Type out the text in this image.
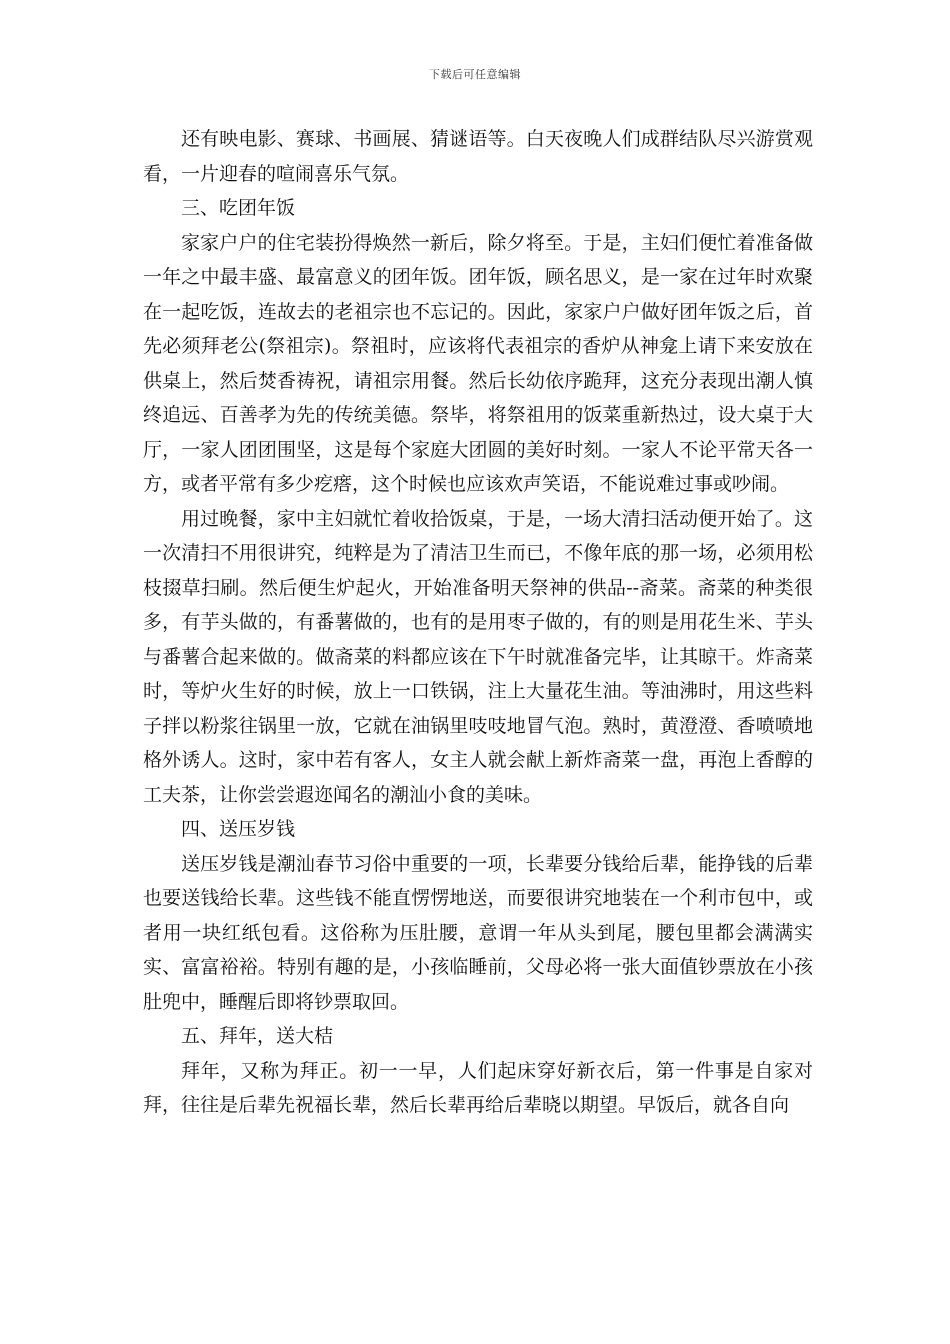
下载后可任意编辑

还有映电影、赛球、书画展、猜谜语等。白天夜晚人们成群结队尽兴游赏观看，一片迎春的喧闹喜乐气氛。

三、吃团年饭

家家户户的住宅装扮得焕然一新后，除夕将至。于是，主妇们便忙着准备做一年之中最丰盛、最富意义的团年饭。团年饭，顾名思义，是一家在过年时欢聚在一起吃饭，连故去的老祖宗也不忘记的。因此，家家户户做好团年饭之后，首先必须拜老公(祭祖宗)。祭祖时，应该将代表祖宗的香炉从神龛上请下来安放在供桌上，然后焚香祷祝，请祖宗用餐。然后长幼依序跪拜，这充分表现出潮人慎终追远、百善孝为先的传统美德。祭毕，将祭祖用的饭菜重新热过，设大桌于大厅，一家人团团围坚，这是每个家庭大团圆的美好时刻。一家人不论平常天各一方，或者平常有多少疙瘩，这个时候也应该欢声笑语，不能说难过事或吵闹。

用过晚餐，家中主妇就忙着收拾饭桌，于是，一场大清扫活动便开始了。这一次清扫不用很讲究，纯粹是为了清洁卫生而已，不像年底的那一场，必须用松枝掇草扫刷。然后便生炉起火，开始准备明天祭神的供品--斋菜。斋菜的种类很多，有芋头做的，有番薯做的，也有的是用枣子做的，有的则是用花生米、芋头与番薯合起来做的。做斋菜的料都应该在下午时就准备完毕，让其晾干。炸斋菜时，等炉火生好的时候，放上一口铁锅，注上大量花生油。等油沸时，用这些料子拌以粉浆往锅里一放，它就在油锅里吱吱地冒气泡。熟时，黄澄澄、香喷喷地格外诱人。这时，家中若有客人，女主人就会献上新炸斋菜一盘，再泡上香醇的工夫茶，让你尝尝遐迩闻名的潮汕小食的美味。

四、送压岁钱

送压岁钱是潮汕春节习俗中重要的一项，长辈要分钱给后辈，能挣钱的后辈也要送钱给长辈。这些钱不能直愣愣地送，而要很讲究地装在一个利市包中，或者用一块红纸包看。这俗称为压肚腰，意谓一年从头到尾，腰包里都会满满实实、富富裕裕。特别有趣的是，小孩临睡前，父母必将一张大面值钞票放在小孩肚兜中，睡醒后即将钞票取回。

五、拜年，送大桔

拜年，又称为拜正。初一一早，人们起床穿好新衣后，第一件事是自家对拜，往往是后辈先祝福长辈，然后长辈再给后辈晓以期望。早饭后，就各自向
